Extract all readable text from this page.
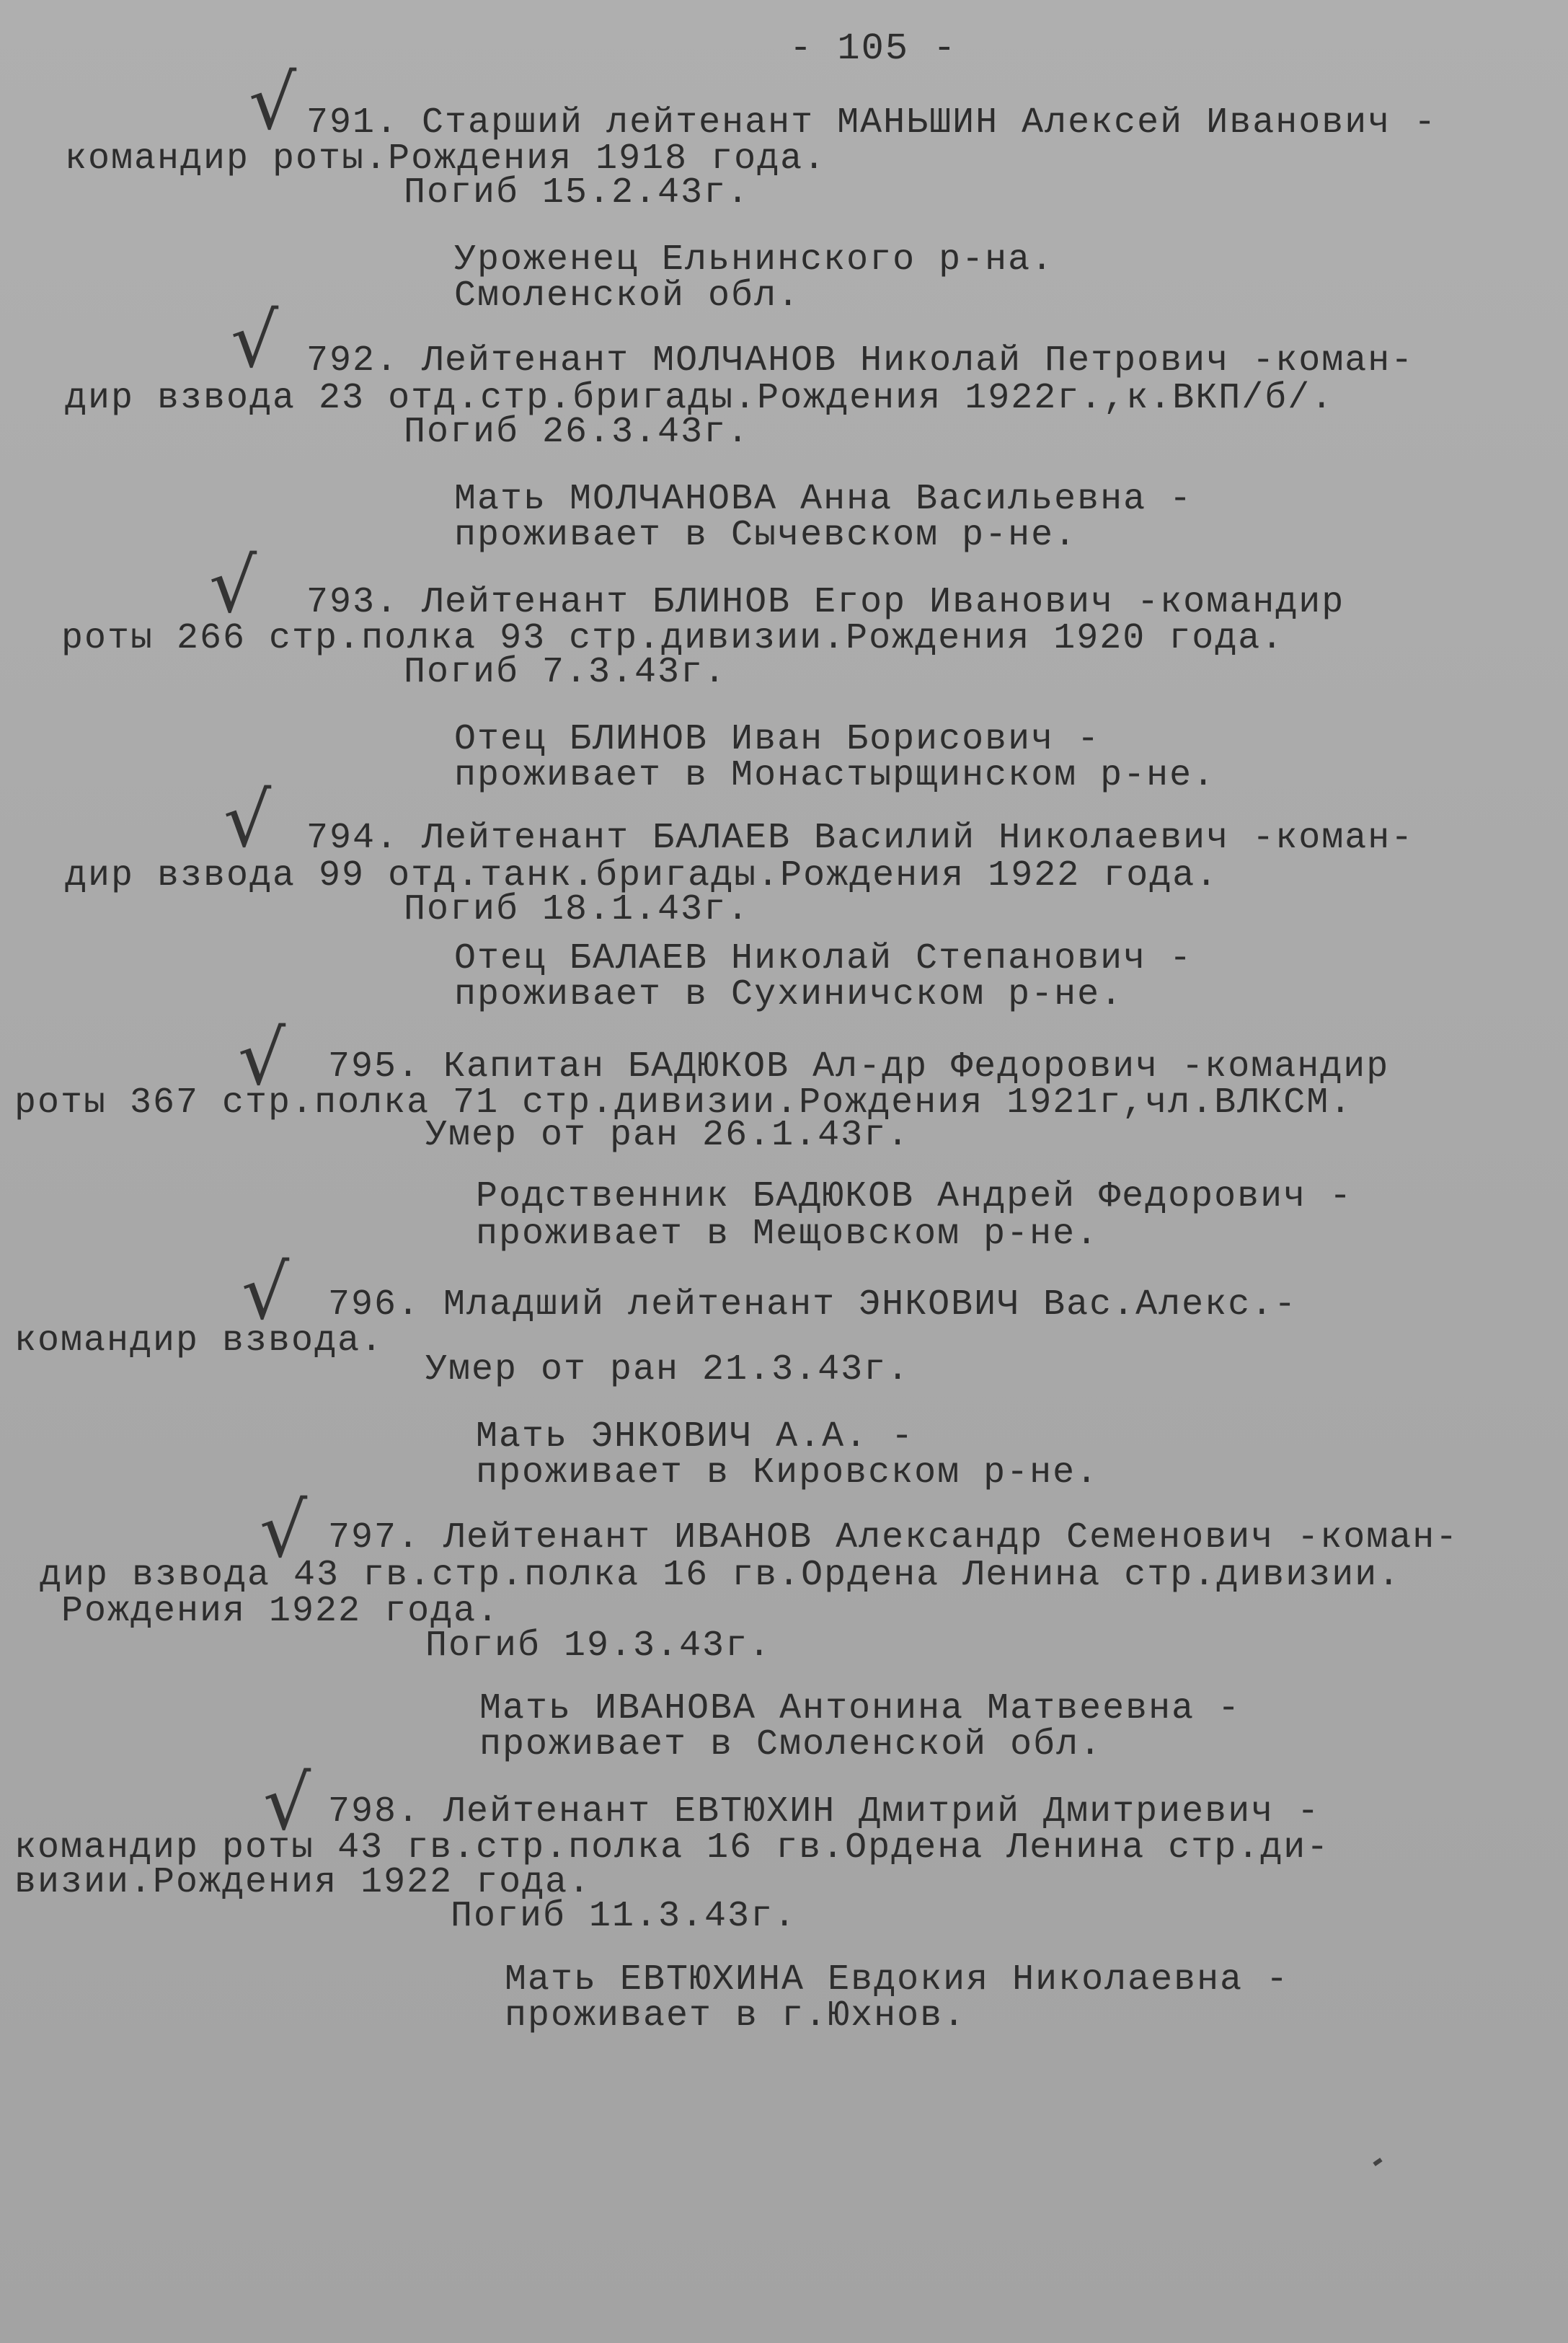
- 105 -
√ 791. Старший лейтенант МАНЬШИН Алексей Иванович -
командир роты.Рождения 1918 года.
Погиб 15.2.43г.
Уроженец Ельнинского р-на.
Смоленской обл.
√ 792. Лейтенант МОЛЧАНОВ Николай Петрович -коман-
дир взвода 23 отд.стр.бригады.Рождения 1922г.,к.ВКП/б/.
Погиб 26.3.43г.
Мать МОЛЧАНОВА Анна Васильевна -
проживает в Сычевском р-не.
√ 793. Лейтенант БЛИНОВ Егор Иванович -командир
роты 266 стр.полка 93 стр.дивизии.Рождения 1920 года.
Погиб 7.3.43г.
Отец БЛИНОВ Иван Борисович -
проживает в Монастырщинском р-не.
√ 794. Лейтенант БАЛАЕВ Василий Николаевич -коман-
дир взвода 99 отд.танк.бригады.Рождения 1922 года.
Погиб 18.1.43г.
Отец БАЛАЕВ Николай Степанович -
проживает в Сухиничском р-не.
√ 795. Капитан БАДЮКОВ Ал-др Федорович -командир
роты 367 стр.полка 71 стр.дивизии.Рождения 1921г,чл.ВЛКСМ.
Умер от ран 26.1.43г.
Родственник БАДЮКОВ Андрей Федорович -
проживает в Мещовском р-не.
√ 796. Младший лейтенант ЭНКОВИЧ Вас.Алекс.-
командир взвода.
Умер от ран 21.3.43г.
Мать ЭНКОВИЧ А.А. -
проживает в Кировском р-не.
√ 797. Лейтенант ИВАНОВ Александр Семенович -коман-
дир взвода 43 гв.стр.полка 16 гв.Ордена Ленина стр.дивизии.
Рождения 1922 года.
Погиб 19.3.43г.
Мать ИВАНОВА Антонина Матвеевна -
проживает в Смоленской обл.
√ 798. Лейтенант ЕВТЮХИН Дмитрий Дмитриевич -
командир роты 43 гв.стр.полка 16 гв.Ордена Ленина стр.ди-
визии.Рождения 1922 года.
Погиб 11.3.43г.
Мать ЕВТЮХИНА Евдокия Николаевна -
проживает в г.Юхнов.
